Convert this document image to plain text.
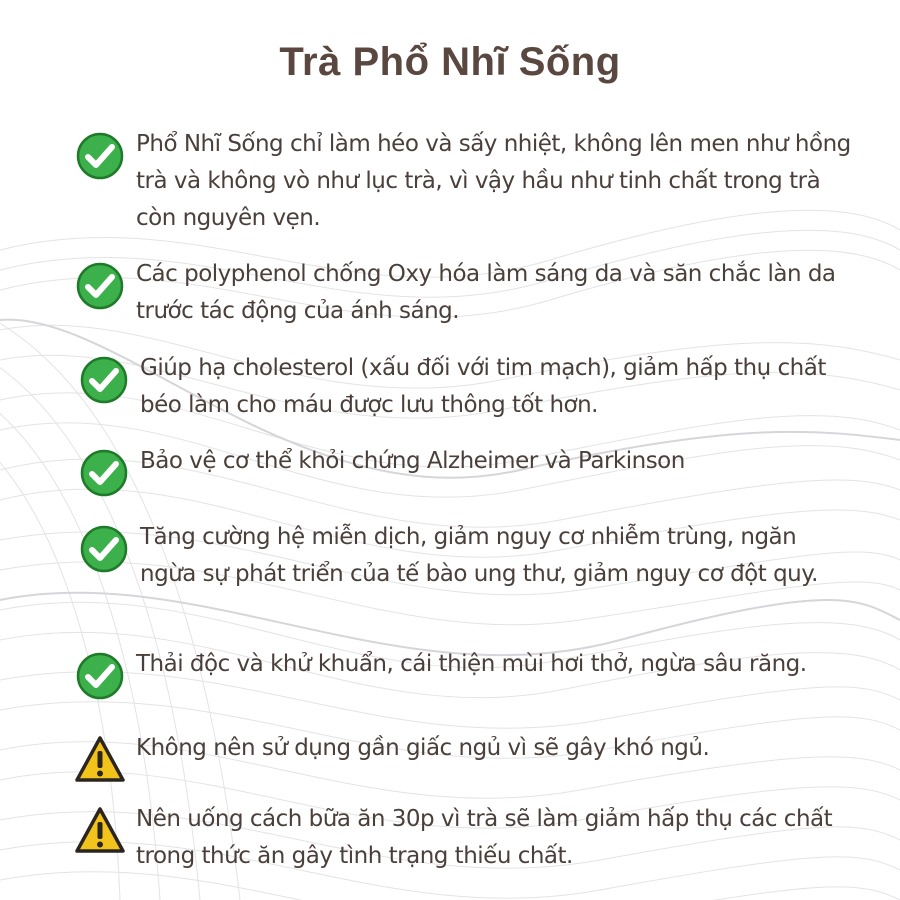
Trà Phổ Nhĩ Sống
Phổ Nhĩ Sống chỉ làm héo và sấy nhiệt, không lên men như hồng trà và không vò như lục trà, vì vậy hầu như tinh chất trong trà còn nguyên vẹn.
Các polyphenol chống Oxy hóa làm sáng da và săn chắc làn da trước tác động của ánh sáng.
Giúp hạ cholesterol (xấu đối với tim mạch), giảm hấp thụ chất béo làm cho máu được lưu thông tốt hơn.
Bảo vệ cơ thể khỏi chứng Alzheimer và Parkinson
Tăng cường hệ miễn dịch, giảm nguy cơ nhiễm trùng, ngăn ngừa sự phát triển của tế bào ung thư, giảm nguy cơ đột quy.
Thải độc và khử khuẩn, cái thiện mùi hơi thở, ngừa sâu răng.
Không nên sử dụng gần giấc ngủ vì sẽ gây khó ngủ.
Nên uống cách bữa ăn 30p vì trà sẽ làm giảm hấp thụ các chất trong thức ăn gây tình trạng thiếu chất.
